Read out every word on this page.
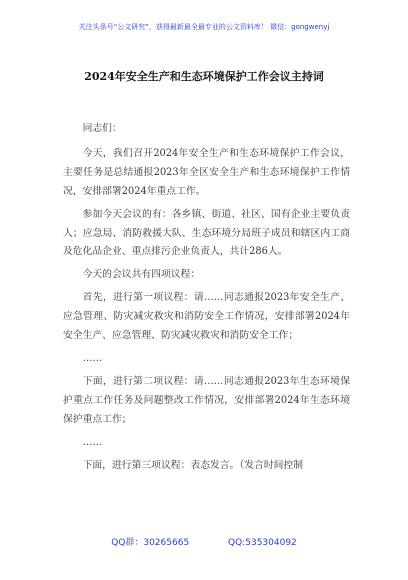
关注头条号“公文研究”，获得最新最全最专业的公文资料库！ 微信：gongwenyj
2024年安全生产和生态环境保护工作会议主持词

同志们：

今天，我们召开2024年安全生产和生态环境保护工作会议，主要任务是总结通报2023年全区安全生产和生态环境保护工作情况，安排部署2024年重点工作。

参加今天会议的有：各乡镇、街道、社区、国有企业主要负责人；应急局、消防救援大队、生态环境分局班子成员和辖区内工商及危化品企业、重点排污企业负责人，共计286人。

今天的会议共有四项议程：

首先，进行第一项议程：请……同志通报2023年安全生产、应急管理、防灾减灾救灾和消防安全工作情况，安排部署2024年安全生产、应急管理、防灾减灾救灾和消防安全工作；

……

下面，进行第二项议程：请……同志通报2023年生态环境保护重点工作任务及问题整改工作情况，安排部署2024年生态环境保护重点工作；

……

下面，进行第三项议程：表态发言。（发言时间控制

QQ群：30265665	QQ:535304092
